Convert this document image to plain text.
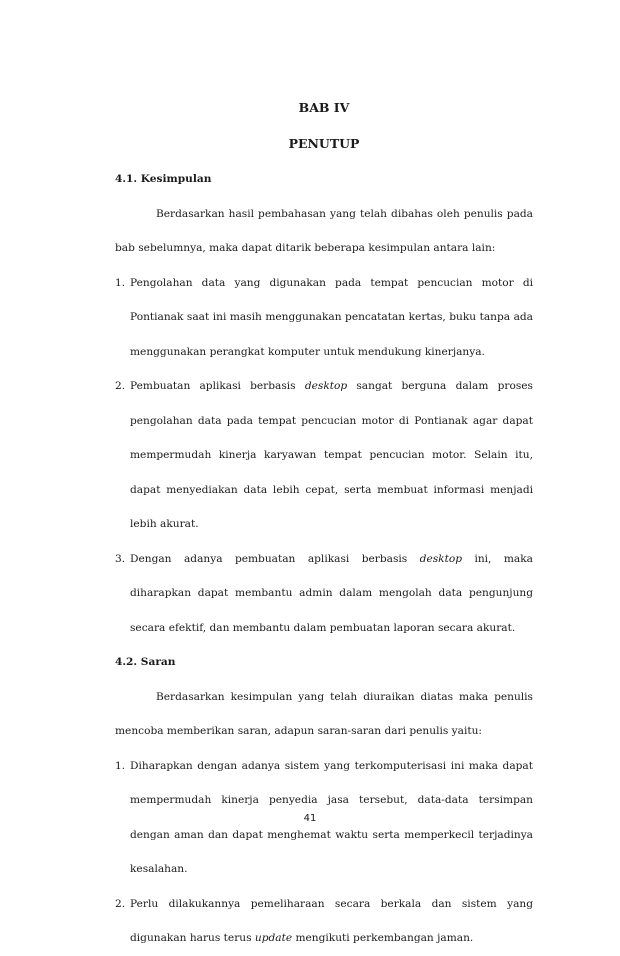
BAB IV
PENUTUP

4.1. Kesimpulan

Berdasarkan hasil pembahasan yang telah dibahas oleh penulis pada bab sebelumnya, maka dapat ditarik beberapa kesimpulan antara lain:

1. Pengolahan data yang digunakan pada tempat pencucian motor di Pontianak saat ini masih menggunakan pencatatan kertas, buku tanpa ada menggunakan perangkat komputer untuk mendukung kinerjanya.
2. Pembuatan aplikasi berbasis desktop sangat berguna dalam proses pengolahan data pada tempat pencucian motor di Pontianak agar dapat mempermudah kinerja karyawan tempat pencucian motor. Selain itu, dapat menyediakan data lebih cepat, serta membuat informasi menjadi lebih akurat.
3. Dengan adanya pembuatan aplikasi berbasis desktop ini, maka diharapkan dapat membantu admin dalam mengolah data pengunjung secara efektif, dan membantu dalam pembuatan laporan secara akurat.

4.2. Saran

Berdasarkan kesimpulan yang telah diuraikan diatas maka penulis mencoba memberikan saran, adapun saran-saran dari penulis yaitu:

1. Diharapkan dengan adanya sistem yang terkomputerisasi ini maka dapat mempermudah kinerja penyedia jasa tersebut, data-data tersimpan dengan aman dan dapat menghemat waktu serta memperkecil terjadinya kesalahan.
2. Perlu dilakukannya pemeliharaan secara berkala dan sistem yang digunakan harus terus update mengikuti perkembangan jaman.
41
